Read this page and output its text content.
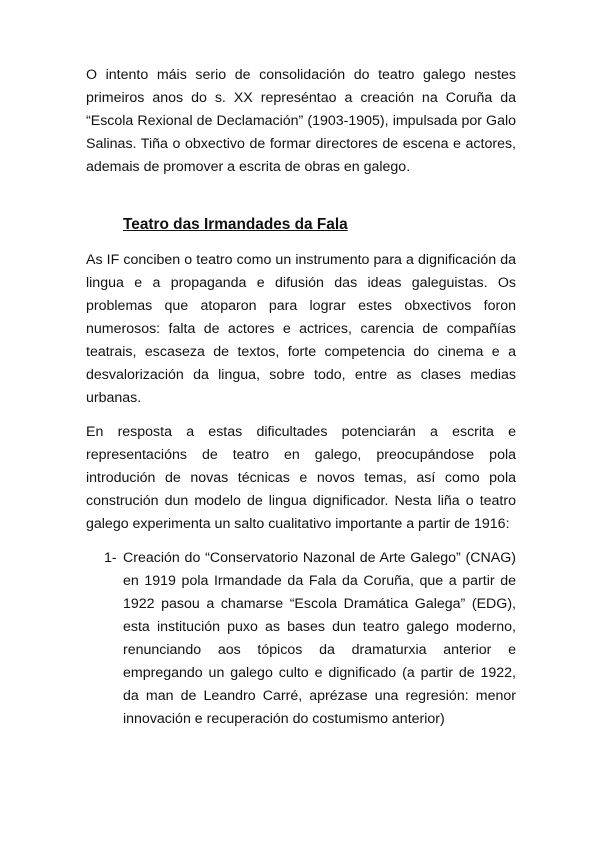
O intento máis serio de consolidación do teatro galego nestes primeiros anos do s. XX represéntao a creación na Coruña da “Escola Rexional de Declamación” (1903-1905), impulsada por Galo Salinas. Tiña o obxectivo de formar directores de escena e actores, ademais de promover a escrita de obras en galego.

Teatro das Irmandades da Fala

As IF conciben o teatro como un instrumento para a dignificación da lingua e a propaganda e difusión das ideas galeguistas. Os problemas que atoparon para lograr estes obxectivos foron numerosos: falta de actores e actrices, carencia de compañías teatrais, escaseza de textos, forte competencia do cinema e a desvalorización da lingua, sobre todo, entre as clases medias urbanas.

En resposta a estas dificultades potenciarán a escrita e representacións de teatro en galego, preocupándose pola introdución de novas técnicas e novos temas, así como pola construción dun modelo de lingua dignificador. Nesta liña o teatro galego experimenta un salto cualitativo importante a partir de 1916:

1- Creación do “Conservatorio Nazonal de Arte Galego” (CNAG) en 1919 pola Irmandade da Fala da Coruña, que a partir de 1922 pasou a chamarse “Escola Dramática Galega” (EDG), esta institución puxo as bases dun teatro galego moderno, renunciando aos tópicos da dramaturxia anterior e empregando un galego culto e dignificado (a partir de 1922, da man de Leandro Carré, aprézase una regresión: menor innovación e recuperación do costumismo anterior)
